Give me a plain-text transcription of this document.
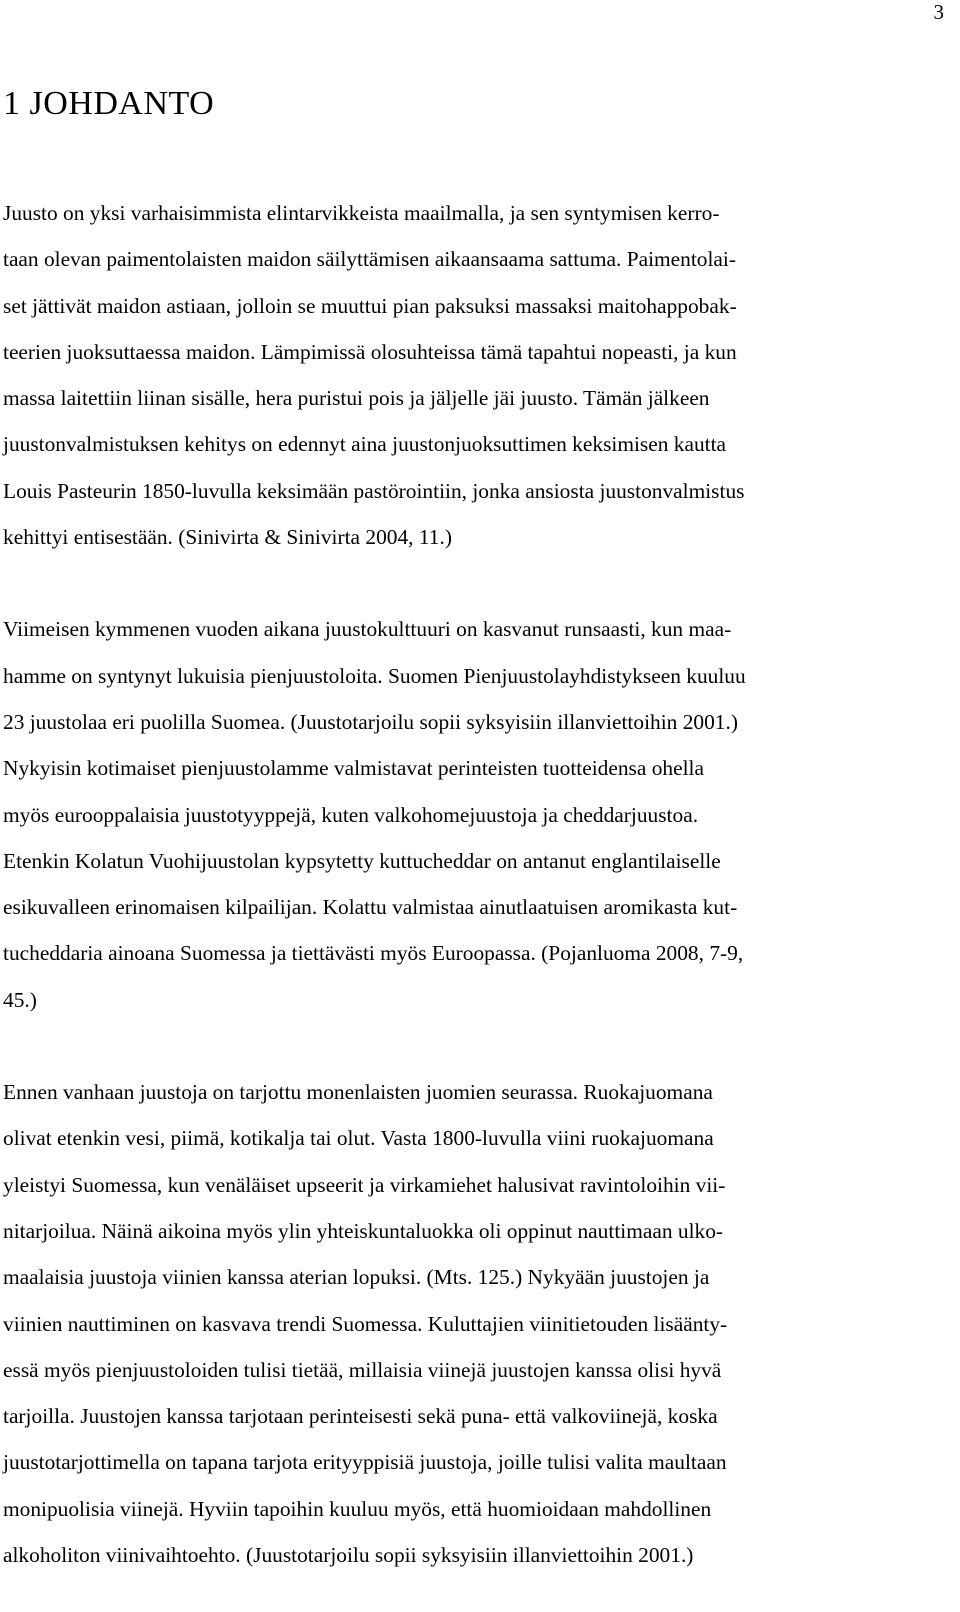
3
1 JOHDANTO

Juusto on yksi varhaisimmista elintarvikkeista maailmalla, ja sen syntymisen kerro-
taan olevan paimentolaisten maidon säilyttämisen aikaansaama sattuma. Paimentolai-
set jättivät maidon astiaan, jolloin se muuttui pian paksuksi massaksi maitohappobak-
teerien juoksuttaessa maidon. Lämpimissä olosuhteissa tämä tapahtui nopeasti, ja kun
massa laitettiin liinan sisälle, hera puristui pois ja jäljelle jäi juusto. Tämän jälkeen
juustonvalmistuksen kehitys on edennyt aina juustonjuoksuttimen keksimisen kautta
Louis Pasteurin 1850-luvulla keksimään pastörointiin, jonka ansiosta juustonvalmistus
kehittyi entisestään. (Sinivirta & Sinivirta 2004, 11.)

Viimeisen kymmenen vuoden aikana juustokulttuuri on kasvanut runsaasti, kun maa-
hamme on syntynyt lukuisia pienjuustoloita. Suomen Pienjuustolayhdistykseen kuuluu
23 juustolaa eri puolilla Suomea. (Juustotarjoilu sopii syksyisiin illanviettoihin 2001.)
Nykyisin kotimaiset pienjuustolamme valmistavat perinteisten tuotteidensa ohella
myös eurooppalaisia juustotyyppejä, kuten valkohomejuustoja ja cheddarjuustoa.
Etenkin Kolatun Vuohijuustolan kypsytetty kuttucheddar on antanut englantilaiselle
esikuvalleen erinomaisen kilpailijan. Kolattu valmistaa ainutlaatuisen aromikasta kut-
tucheddaria ainoana Suomessa ja tiettävästi myös Euroopassa. (Pojanluoma 2008, 7-9,
45.)

Ennen vanhaan juustoja on tarjottu monenlaisten juomien seurassa. Ruokajuomana
olivat etenkin vesi, piimä, kotikalja tai olut. Vasta 1800-luvulla viini ruokajuomana
yleistyi Suomessa, kun venäläiset upseerit ja virkamiehet halusivat ravintoloihin vii-
nitarjoilua. Näinä aikoina myös ylin yhteiskuntaluokka oli oppinut nauttimaan ulko-
maalaisia juustoja viinien kanssa aterian lopuksi. (Mts. 125.) Nykyään juustojen ja
viinien nauttiminen on kasvava trendi Suomessa. Kuluttajien viinitietouden lisäänty-
essä myös pienjuustoloiden tulisi tietää, millaisia viinejä juustojen kanssa olisi hyvä
tarjoilla. Juustojen kanssa tarjotaan perinteisesti sekä puna- että valkoviinejä, koska
juustotarjottimella on tapana tarjota erityyppisiä juustoja, joille tulisi valita maultaan
monipuolisia viinejä. Hyviin tapoihin kuuluu myös, että huomioidaan mahdollinen
alkoholiton viinivaihtoehto. (Juustotarjoilu sopii syksyisiin illanviettoihin 2001.)
